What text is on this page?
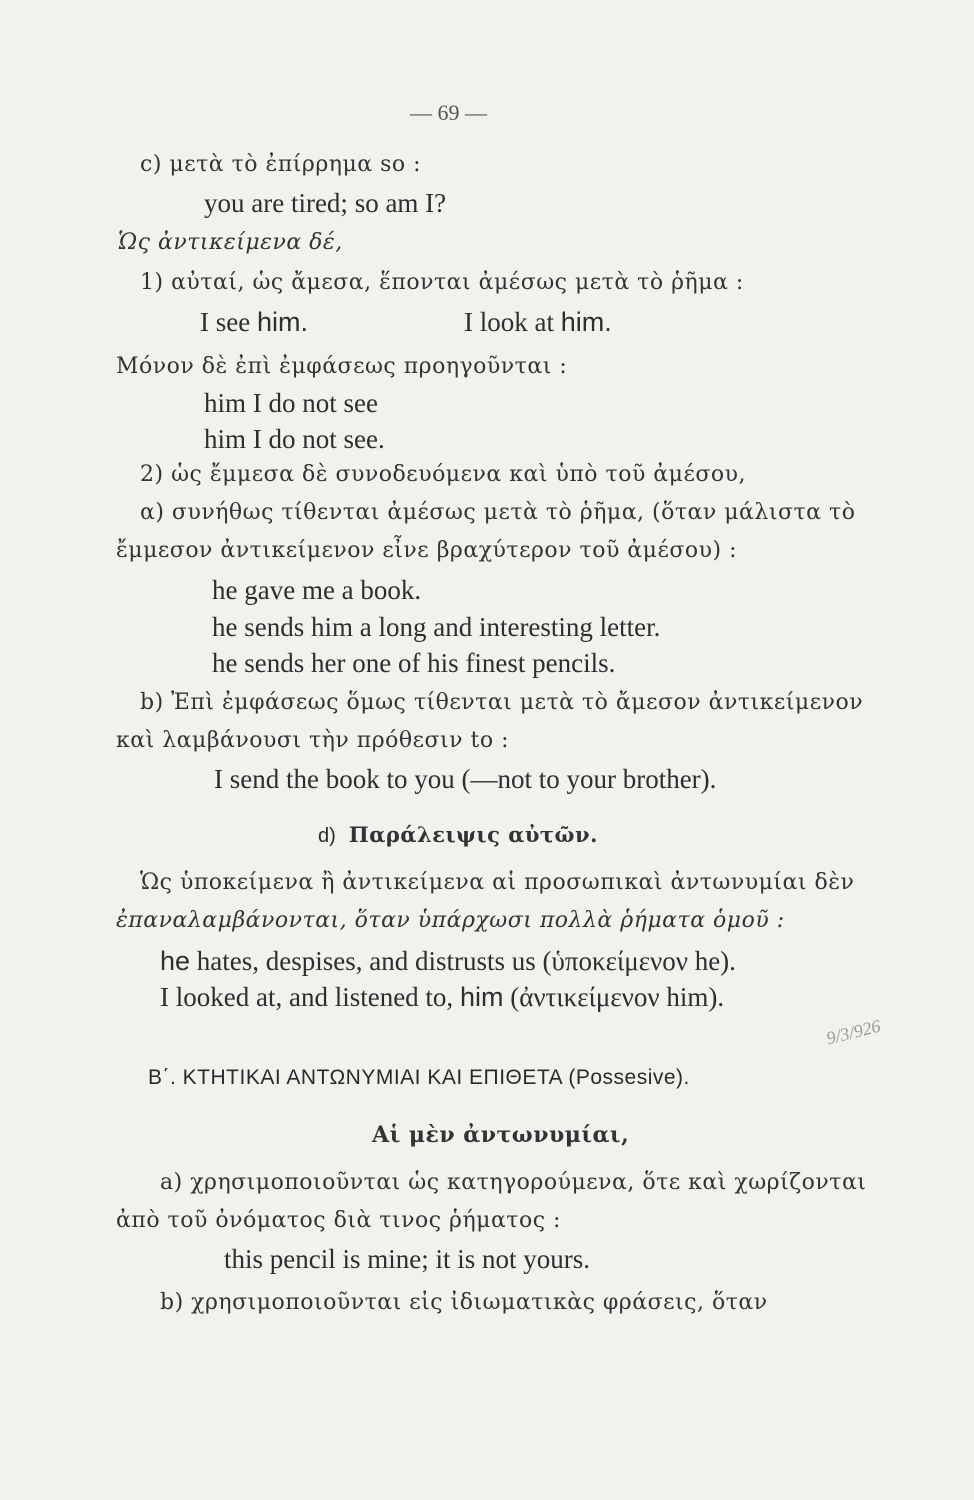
— 69 —
c) μετὰ τὸ ἐπίρρημα so :
you are tired; so am I?
Ὡς ἀντικείμενα δέ,
1) αὐταί, ὡς ἄμεσα, ἕπονται ἀμέσως μετὰ τὸ ῥῆμα :
I see him.	I look at him.
Μόνον δὲ ἐπὶ ἐμφάσεως προηγοῦνται :
him I do not see
him I do not see.
2) ὡς ἔμμεσα δὲ συνοδευόμενα καὶ ὑπὸ τοῦ ἀμέσου,
α) συνήθως τίθενται ἀμέσως μετὰ τὸ ῥῆμα, (ὅταν μάλιστα τὸ
ἔμμεσον ἀντικείμενον εἶνε βραχύτερον τοῦ ἀμέσου) :
he gave me a book.
he sends him a long and interesting letter.
he sends her one of his finest pencils.
b) Ἐπὶ ἐμφάσεως ὅμως τίθενται μετὰ τὸ ἄμεσον ἀντικείμενον
καὶ λαμβάνουσι τὴν πρόθεσιν to :
I send the book to you (—not to your brother).
d) Παράλειψις αὐτῶν.
Ὡς ὑποκείμενα ἢ ἀντικείμενα αἱ προσωπικαὶ ἀντωνυμίαι δὲν
ἐπαναλαμβάνονται, ὅταν ὑπάρχωσι πολλὰ ῥήματα ὁμοῦ :
he hates, despises, and distrusts us (ὑποκείμενον he).
I looked at, and listened to, him (ἀντικείμενον him).
9/3/926
Β΄. ΚΤΗΤΙΚΑΙ ΑΝΤΩΝΥΜΙΑΙ ΚΑΙ ΕΠΙΘΕΤΑ (Possesive).
Αἱ μὲν ἀντωνυμίαι,
a) χρησιμοποιοῦνται ὡς κατηγορούμενα, ὅτε καὶ χωρίζονται
ἀπὸ τοῦ ὀνόματος διὰ τινος ῥήματος :
this pencil is mine; it is not yours.
b) χρησιμοποιοῦνται εἰς ἰδιωματικὰς φράσεις, ὅταν
